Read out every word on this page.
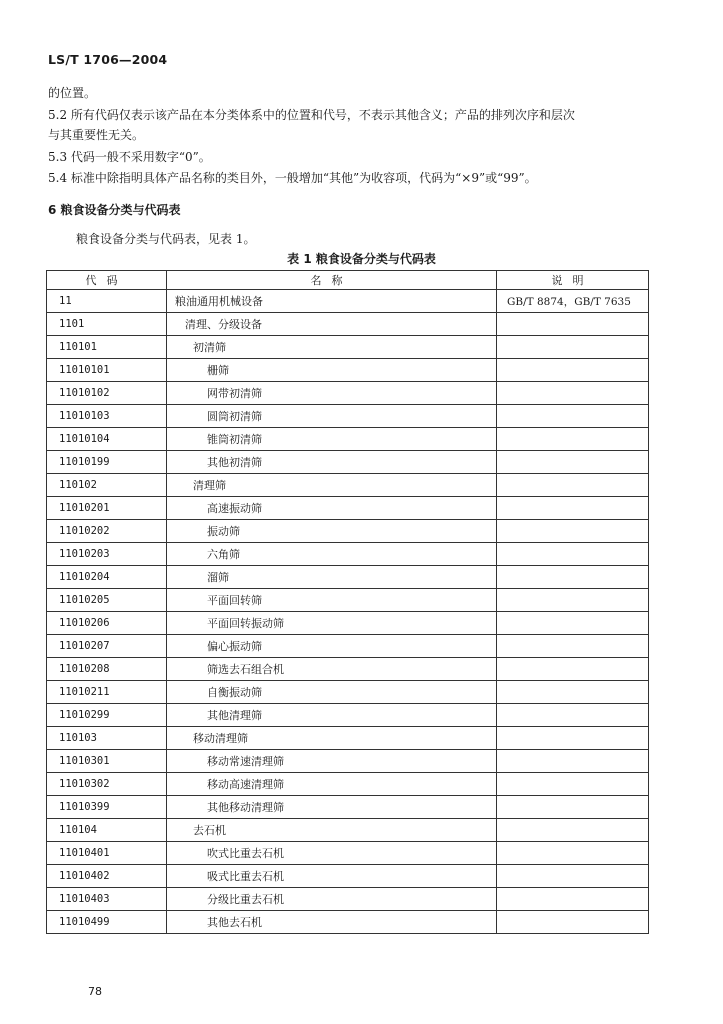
LS/T 1706—2004
的位置。
5.2 所有代码仅表示该产品在本分类体系中的位置和代号，不表示其他含义；产品的排列次序和层次
与其重要性无关。
5.3 代码一般不采用数字“0”。
5.4 标准中除指明具体产品名称的类目外，一般增加“其他”为收容项，代码为“×9”或“99”。
6 粮食设备分类与代码表
粮食设备分类与代码表，见表 1。
表 1 粮食设备分类与代码表
代码	名称	说明
11	粮油通用机械设备	GB/T 8874，GB/T 7635
1101	清理、分级设备	
110101	初清筛	
11010101	栅筛	
11010102	网带初清筛	
11010103	圆筒初清筛	
11010104	锥筒初清筛	
11010199	其他初清筛	
110102	清理筛	
11010201	高速振动筛	
11010202	振动筛	
11010203	六角筛	
11010204	溜筛	
11010205	平面回转筛	
11010206	平面回转振动筛	
11010207	偏心振动筛	
11010208	筛选去石组合机	
11010211	自衡振动筛	
11010299	其他清理筛	
110103	移动清理筛	
11010301	移动常速清理筛	
11010302	移动高速清理筛	
11010399	其他移动清理筛	
110104	去石机	
11010401	吹式比重去石机	
11010402	吸式比重去石机	
11010403	分级比重去石机	
11010499	其他去石机	
78
